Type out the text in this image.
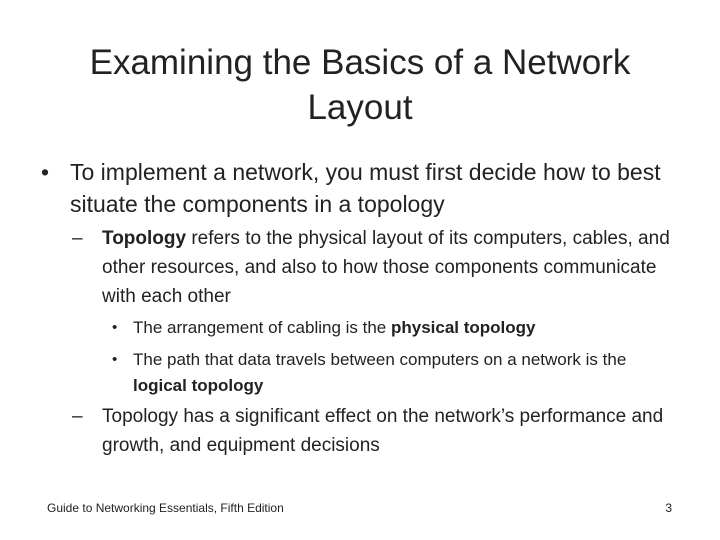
Examining the Basics of a Network Layout
• To implement a network, you must first decide how to best situate the components in a topology
– Topology refers to the physical layout of its computers, cables, and other resources, and also to how those components communicate with each other
• The arrangement of cabling is the physical topology
• The path that data travels between computers on a network is the logical topology
– Topology has a significant effect on the network’s performance and growth, and equipment decisions
Guide to Networking Essentials, Fifth Edition	3
